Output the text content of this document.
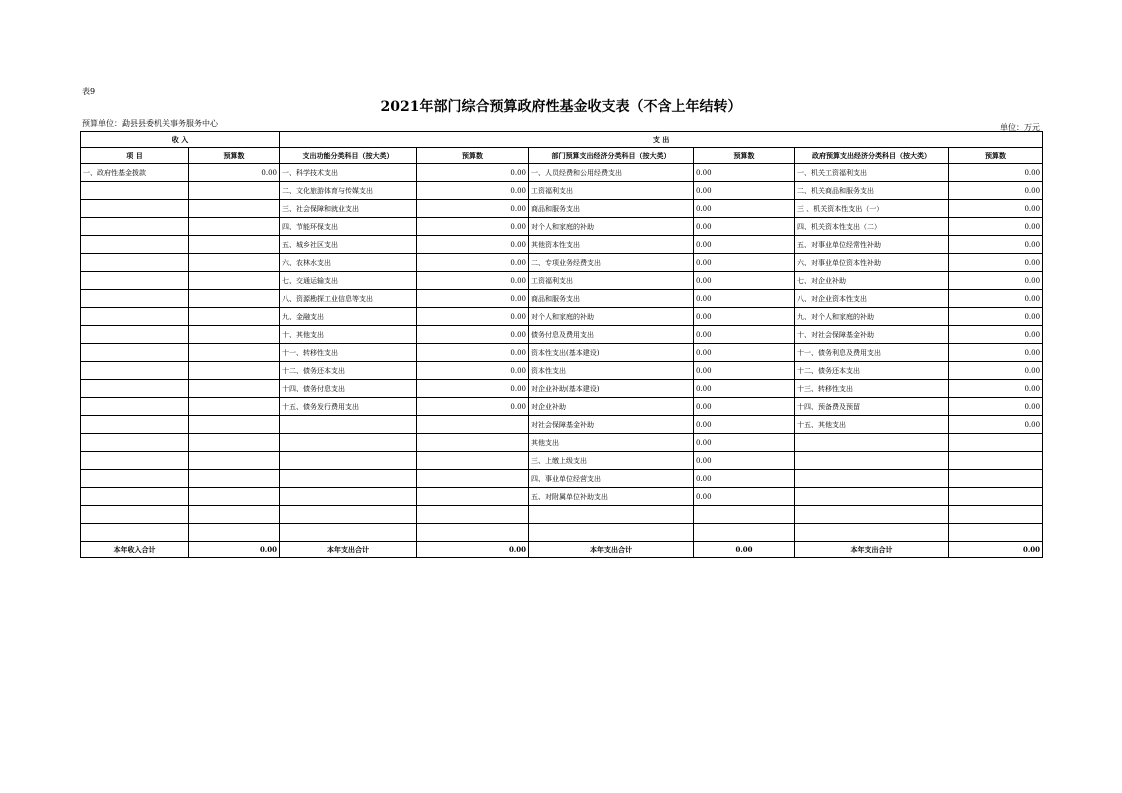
表9
2021年部门综合预算政府性基金收支表（不含上年结转）
预算单位：勐县县委机关事务服务中心	单位：万元
收 入		支 出					
项 目	预算数	支出功能分类科目（按大类）	预算数	部门预算支出经济分类科目（按大类）	预算数	政府预算支出经济分类科目（按大类）	预算数
一、政府性基金拨款	0.00	一、科学技术支出	0.00	一、人员经费和公用经费支出	0.00	一、机关工资福利支出	0.00
		二、文化旅游体育与传媒支出	0.00	工资福利支出	0.00	二、机关商品和服务支出	0.00
		三、社会保障和就业支出	0.00	商品和服务支出	0.00	三 、机关资本性支出（一）	0.00
		四、节能环保支出	0.00	对个人和家庭的补助	0.00	四、机关资本性支出（二）	0.00
		五、城乡社区支出	0.00	其他资本性支出	0.00	五、对事业单位经常性补助	0.00
		六、农林水支出	0.00	二、专项业务经费支出	0.00	六、对事业单位资本性补助	0.00
		七、交通运输支出	0.00	工资福利支出	0.00	七、对企业补助	0.00
		八、资源勘探工业信息等支出	0.00	商品和服务支出	0.00	八、对企业资本性支出	0.00
		九、金融支出	0.00	对个人和家庭的补助	0.00	九、对个人和家庭的补助	0.00
		十、其他支出	0.00	债务付息及费用支出	0.00	十、对社会保障基金补助	0.00
		十一、转移性支出	0.00	资本性支出(基本建设)	0.00	十一、债务利息及费用支出	0.00
		十二、债务还本支出	0.00	资本性支出	0.00	十二、债务还本支出	0.00
		十四、债务付息支出	0.00	对企业补助(基本建设)	0.00	十三、转移性支出	0.00
		十五、债务发行费用支出	0.00	对企业补助	0.00	十四、预备费及预留	0.00
				对社会保障基金补助	0.00	十五、其他支出	0.00
				其他支出	0.00		
				三、上缴上级支出	0.00		
				四、事业单位经营支出	0.00		
				五、对附属单位补助支出	0.00		

本年收入合计	0.00	本年支出合计	0.00	本年支出合计	0.00	本年支出合计	0.00
